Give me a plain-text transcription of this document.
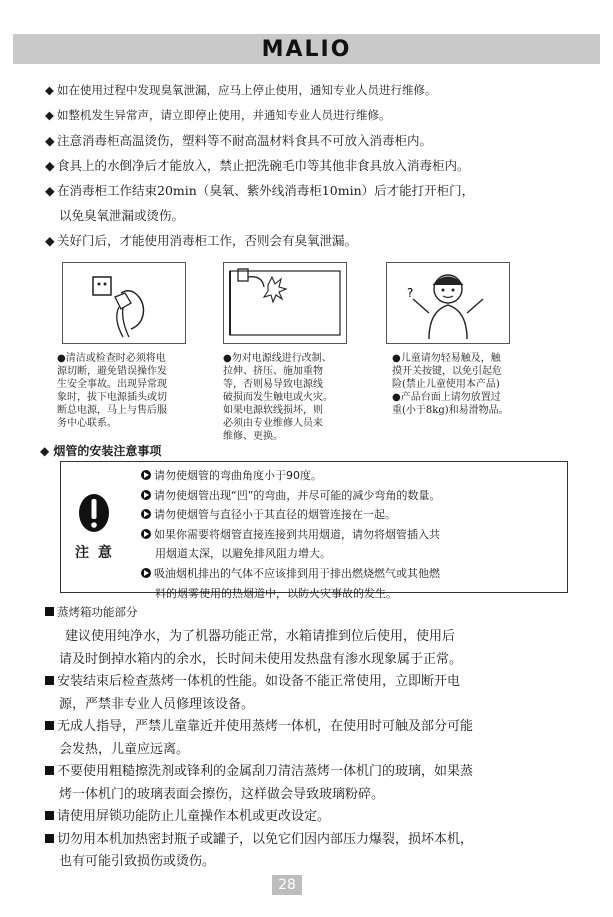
MALIO
◆ 如在使用过程中发现臭氧泄漏，应马上停止使用，通知专业人员进行维修。
◆ 如整机发生异常声，请立即停止使用，并通知专业人员进行维修。
◆ 注意消毒柜高温烫伤，塑料等不耐高温材料食具不可放入消毒柜内。
◆ 食具上的水倒净后才能放入，禁止把洗碗毛巾等其他非食具放入消毒柜内。
◆ 在消毒柜工作结束20min（臭氧、紫外线消毒柜10min）后才能打开柜门，
以免臭氧泄漏或烫伤。
◆ 关好门后，才能使用消毒柜工作，否则会有臭氧泄漏。
?
●清洁或检查时必须将电
源切断，避免错误操作发
生安全事故。出现异常现
象时，拔下电源插头或切
断总电源，马上与售后服
务中心联系。
●勿对电源线进行改制、
拉伸、挤压、施加重物
等，否则易导致电源线
破损而发生触电或火灾。
如果电源软线损坏，则
必须由专业维修人员来
维修、更换。
●儿童请勿轻易触及，触
摸开关按键，以免引起危
险(禁止儿童使用本产品)
●产品台面上请勿放置过
重(小于8kg)和易滑物品。
◆ 烟管的安装注意事项
注 意
请勿使烟管的弯曲角度小于90度。
请勿使烟管出现“凹”的弯曲，并尽可能的减少弯角的数量。
请勿使烟管与直径小于其直径的烟管连接在一起。
如果你需要将烟管直接连接到共用烟道，请勿将烟管插入共
用烟道太深，以避免排风阻力增大。
吸油烟机排出的气体不应该排到用于排出燃烧燃气或其他燃
料的烟雾使用的热烟道中，以防火灾事故的发生。
蒸烤箱功能部分
建议使用纯净水，为了机器功能正常，水箱请推到位后使用，使用后
请及时倒掉水箱内的余水，长时间未使用发热盘有渗水现象属于正常。
安装结束后检查蒸烤一体机的性能。如设备不能正常使用，立即断开电
源，严禁非专业人员修理该设备。
无成人指导，严禁儿童靠近并使用蒸烤一体机，在使用时可触及部分可能
会发热，儿童应远离。
不要使用粗糙擦洗剂或锋利的金属刮刀清洁蒸烤一体机门的玻璃，如果蒸
烤一体机门的玻璃表面会擦伤，这样做会导致玻璃粉碎。
请使用屏锁功能防止儿童操作本机或更改设定。
切勿用本机加热密封瓶子或罐子，以免它们因内部压力爆裂，损坏本机，
也有可能引致损伤或烫伤。
28
